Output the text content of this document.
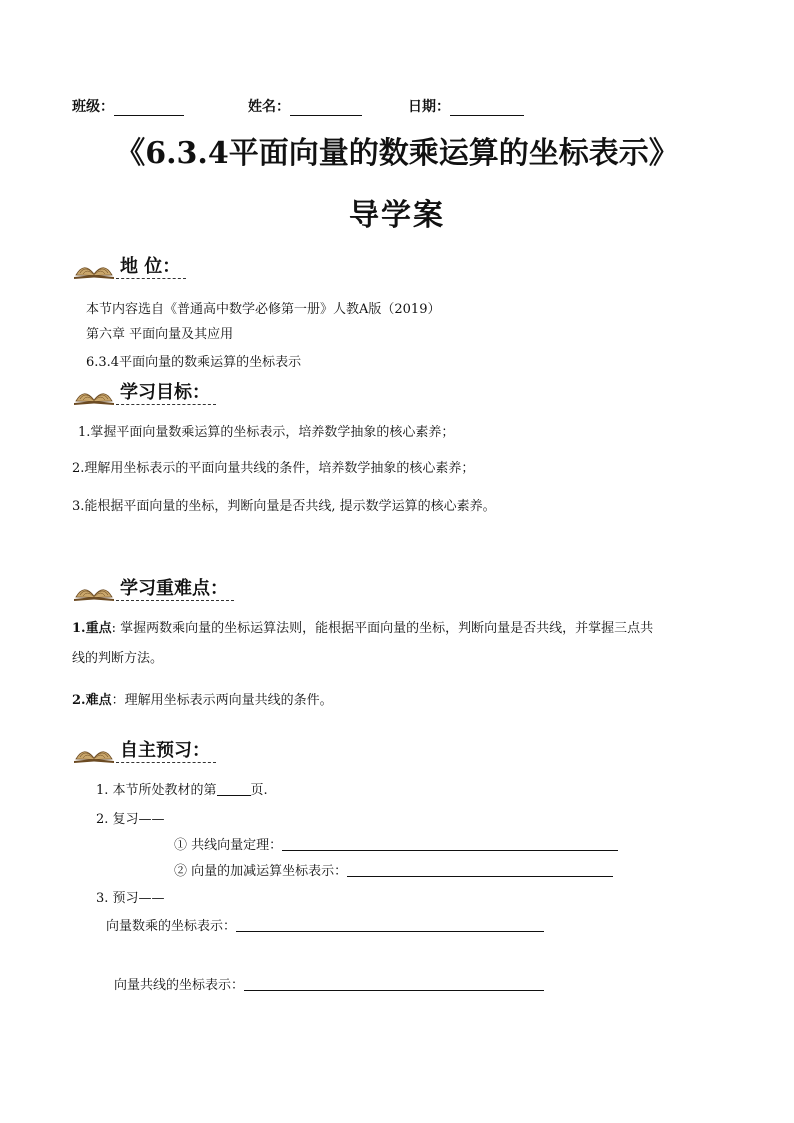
班级：	姓名：	日期：
《6.3.4平面向量的数乘运算的坐标表示》
导学案
地 位：
本节内容选自《普通高中数学必修第一册》人教A版（2019）
第六章 平面向量及其应用
6.3.4平面向量的数乘运算的坐标表示
学习目标：
1.掌握平面向量数乘运算的坐标表示，培养数学抽象的核心素养；
2.理解用坐标表示的平面向量共线的条件，培养数学抽象的核心素养；
3.能根据平面向量的坐标，判断向量是否共线, 提示数学运算的核心素养。
学习重难点：
1.重点: 掌握两数乘向量的坐标运算法则，能根据平面向量的坐标，判断向量是否共线，并掌握三点共
线的判断方法。
2.难点：理解用坐标表示两向量共线的条件。
自主预习：
1. 本节所处教材的第	页.
2. 复习——
① 共线向量定理：
② 向量的加减运算坐标表示：
3. 预习——
向量数乘的坐标表示：
向量共线的坐标表示：
